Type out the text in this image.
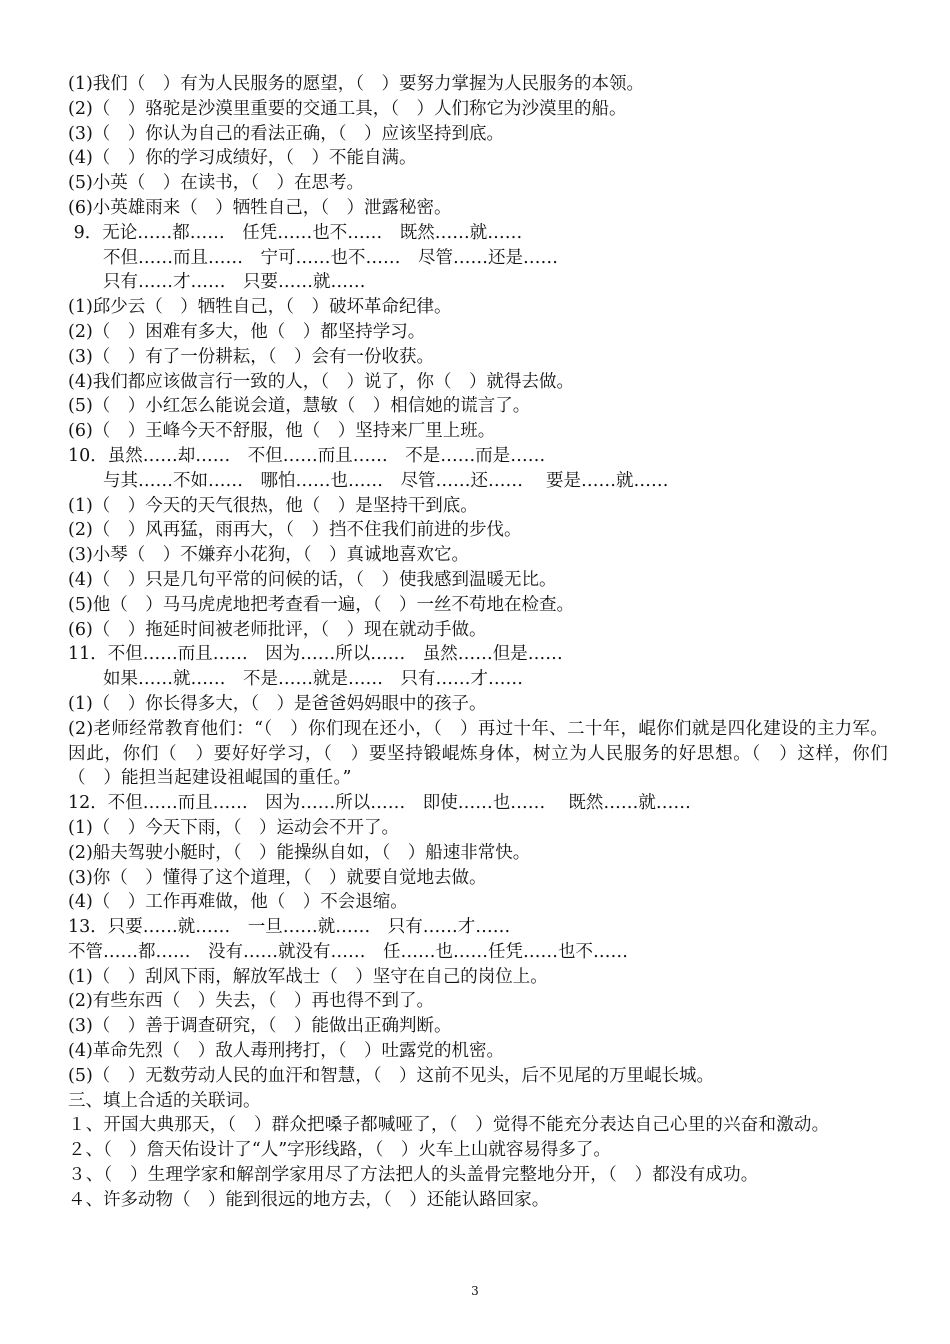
(1)我们（　）有为人民服务的愿望，（　）要努力掌握为人民服务的本领。
(2)（　）骆驼是沙漠里重要的交通工具，（　）人们称它为沙漠里的船。
(3)（　）你认为自己的看法正确，（　）应该坚持到底。
(4)（　）你的学习成绩好，（　）不能自满。
(5)小英（　）在读书，（　）在思考。
(6)小英雄雨来（　）牺牲自己，（　）泄露秘密。
9．无论……都……　任凭……也不……　既然……就……
　　不但……而且……　宁可……也不……　尽管……还是……
　　只有……才……　只要……就……
(1)邱少云（　）牺牲自己，（　）破坏革命纪律。
(2)（　）困难有多大，他（　）都坚持学习。
(3)（　）有了一份耕耘，（　）会有一份收获。
(4)我们都应该做言行一致的人，（　）说了，你（　）就得去做。
(5)（　）小红怎么能说会道，慧敏（　）相信她的谎言了。
(6)（　）王峰今天不舒服，他（　）坚持来厂里上班。
10．虽然……却……　不但……而且……　不是……而是……
　　与其……不如……　哪怕……也……　尽管……还……　 要是……就……
(1)（　）今天的天气很热，他（　）是坚持干到底。
(2)（　）风再猛，雨再大，（　）挡不住我们前进的步伐。
(3)小琴（　）不嫌弃小花狗，（　）真诚地喜欢它。
(4)（　）只是几句平常的问候的话，（　）使我感到温暖无比。
(5)他（　）马马虎虎地把考查看一遍，（　）一丝不苟地在检查。
(6)（　）拖延时间被老师批评，（　）现在就动手做。
11．不但……而且……　因为……所以……　虽然……但是……
　　如果……就……　不是……就是……　只有……才……
(1)（　）你长得多大，（　）是爸爸妈妈眼中的孩子。
(2)老师经常教育他们：“（　）你们现在还小，（　）再过十年、二十年，崐你们就是四化建设的主力军。因此，你们（　）要好好学习，（　）要坚持锻崐炼身体，树立为人民服务的好思想。（　）这样，你们（　）能担当起建设祖崐国的重任。”
12．不但……而且……　因为……所以……　即使……也……　 既然……就……
(1)（　）今天下雨，（　）运动会不开了。
(2)船夫驾驶小艇时，（　）能操纵自如，（　）船速非常快。
(3)你（　）懂得了这个道理，（　）就要自觉地去做。
(4)（　）工作再难做，他（　）不会退缩。
13．只要……就……　一旦……就……　只有……才……
不管……都……　没有……就没有……　任……也……任凭……也不……
(1)（　）刮风下雨，解放军战士（　）坚守在自己的岗位上。
(2)有些东西（　）失去，（　）再也得不到了。
(3)（　）善于调查研究，（　）能做出正确判断。
(4)革命先烈（　）敌人毒刑拷打，（　）吐露党的机密。
(5)（　）无数劳动人民的血汗和智慧，（　）这前不见头，后不见尾的万里崐长城。
三、填上合适的关联词。
１、开国大典那天，（　）群众把嗓子都喊哑了，（　）觉得不能充分表达自己心里的兴奋和激动。
２、（　）詹天佑设计了“人”字形线路，（　）火车上山就容易得多了。
３、（　）生理学家和解剖学家用尽了方法把人的头盖骨完整地分开，（　）都没有成功。
４、许多动物（　）能到很远的地方去，（　）还能认路回家。
3
